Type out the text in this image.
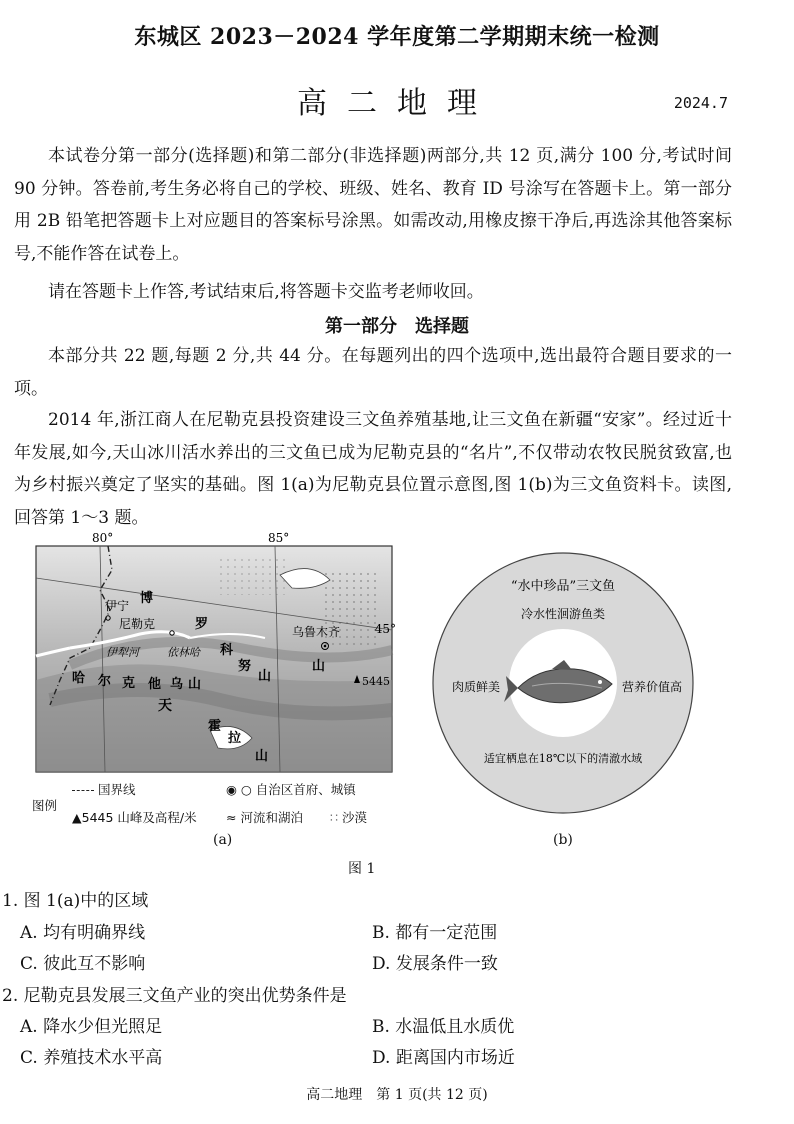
东城区 2023－2024 学年度第二学期期末统一检测
高二地理	2024.7
本试卷分第一部分(选择题)和第二部分(非选择题)两部分,共 12 页,满分 100 分,考试时间 90 分钟。答卷前,考生务必将自己的学校、班级、姓名、教育 ID 号涂写在答题卡上。第一部分用 2B 铅笔把答题卡上对应题目的答案标号涂黑。如需改动,用橡皮擦干净后,再选涂其他答案标号,不能作答在试卷上。
请在答题卡上作答,考试结束后,将答题卡交监考老师收回。
第一部分　选择题
本部分共 22 题,每题 2 分,共 44 分。在每题列出的四个选项中,选出最符合题目要求的一项。
2014 年,浙江商人在尼勒克县投资建设三文鱼养殖基地,让三文鱼在新疆“安家”。经过近十年发展,如今,天山冰川活水养出的三文鱼已成为尼勒克县的“名片”,不仅带动农牧民脱贫致富,也为乡村振兴奠定了坚实的基础。图 1(a)为尼勒克县位置示意图,图 1(b)为三文鱼资料卡。读图,回答第 1～3 题。
80°	85°
45°
伊宁
尼勒克
伊犁河	依林哈
乌鲁木齐
5445
博
罗
科
努
山
山
哈 尔 克 他 乌 山
天
霍
拉
山
图例
国界线	◉ ○ 自治区首府、城镇
▲5445 山峰及高程/米 ≈ 河流和湖泊 ∷ 沙漠
(a)
“水中珍品”三文鱼
冷水性洄游鱼类
肉质鲜美	营养价值高
适宜栖息在18℃以下的清澈水域
(b)
图 1
1. 图 1(a)中的区域
A. 均有明确界线	B. 都有一定范围
C. 彼此互不影响	D. 发展条件一致
2. 尼勒克县发展三文鱼产业的突出优势条件是
A. 降水少但光照足	B. 水温低且水质优
C. 养殖技术水平高	D. 距离国内市场近
高二地理　第 1 页(共 12 页)
